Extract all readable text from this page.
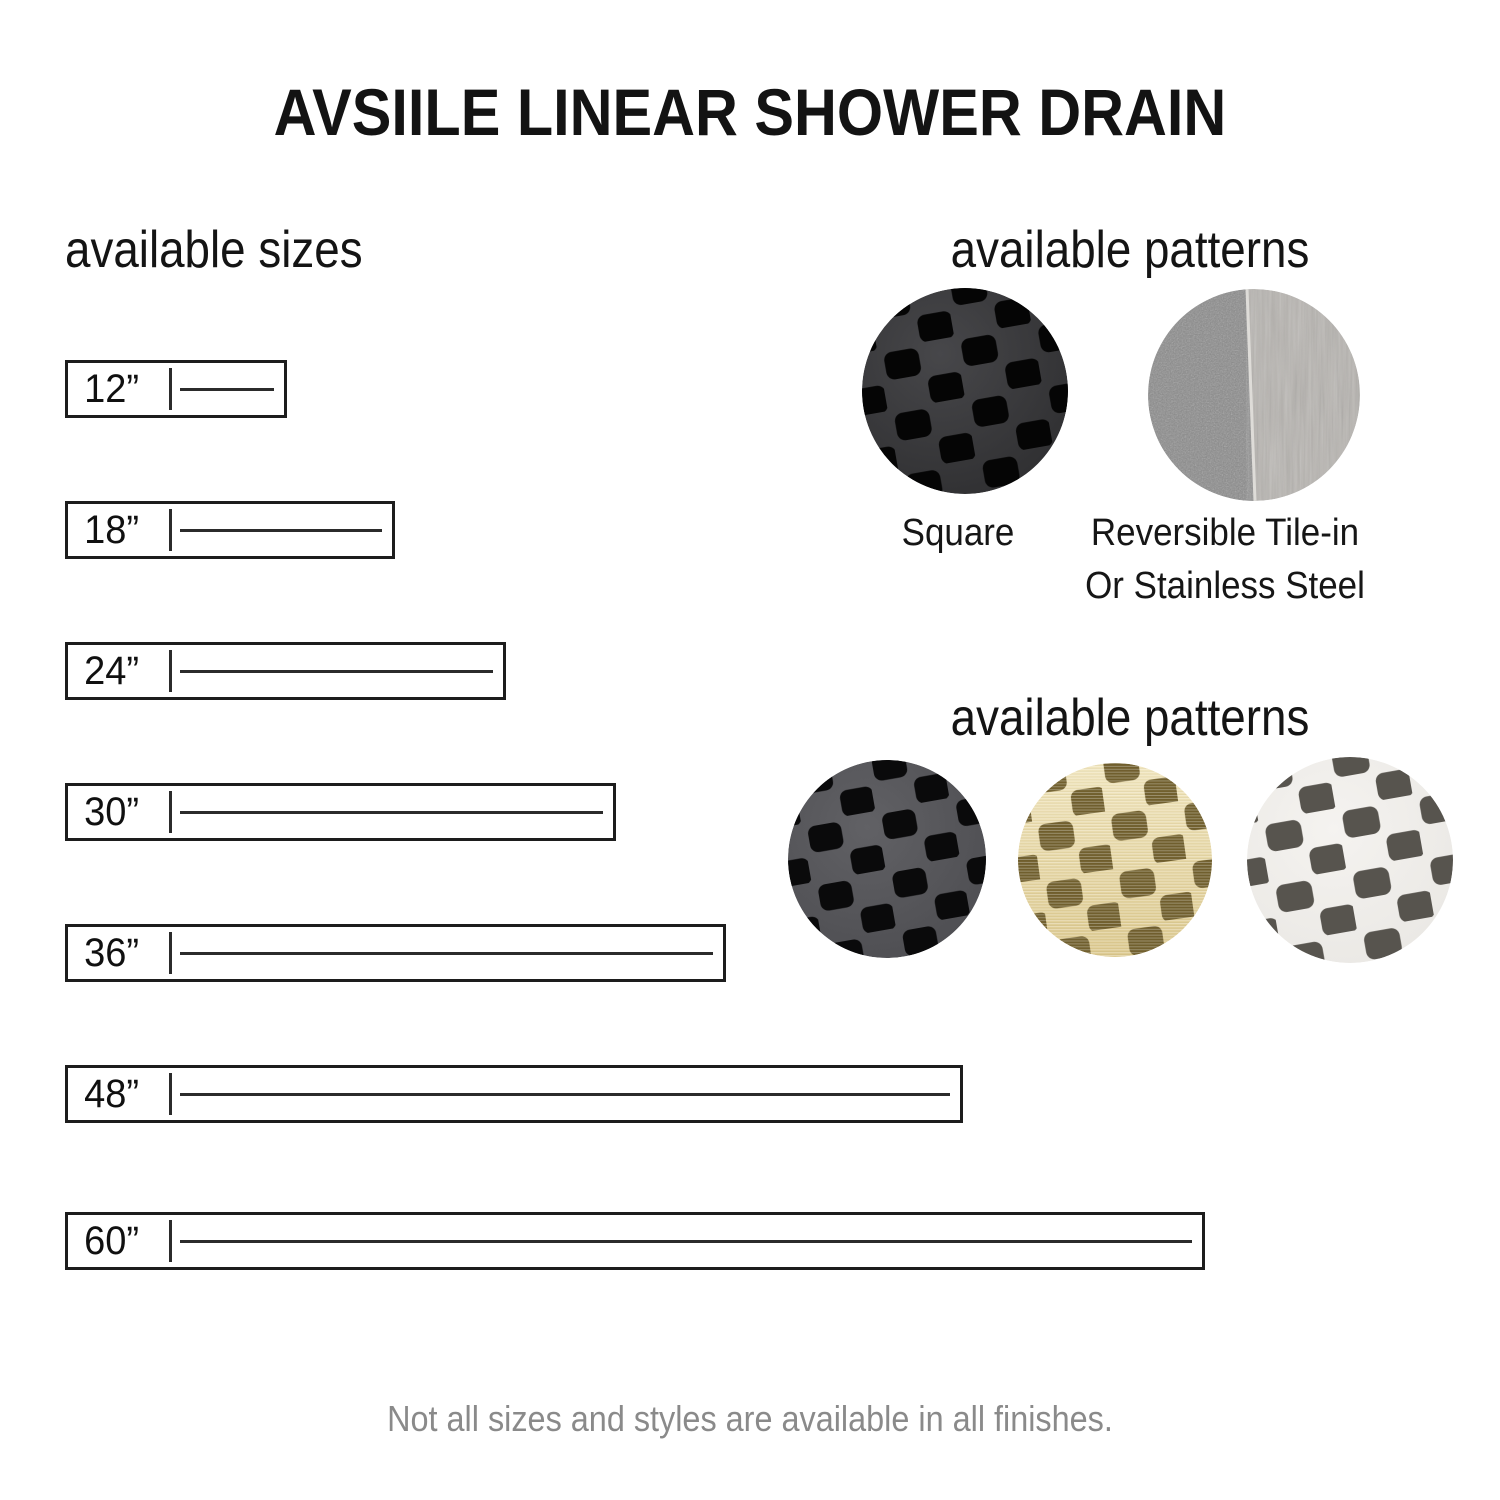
AVSIILE LINEAR SHOWER DRAIN
available sizes
12”
18”
24”
30”
36”
48”
60”
available patterns
Square	Reversible Tile-in
Or Stainless Steel
available patterns
Not all sizes and styles are available in all finishes.
